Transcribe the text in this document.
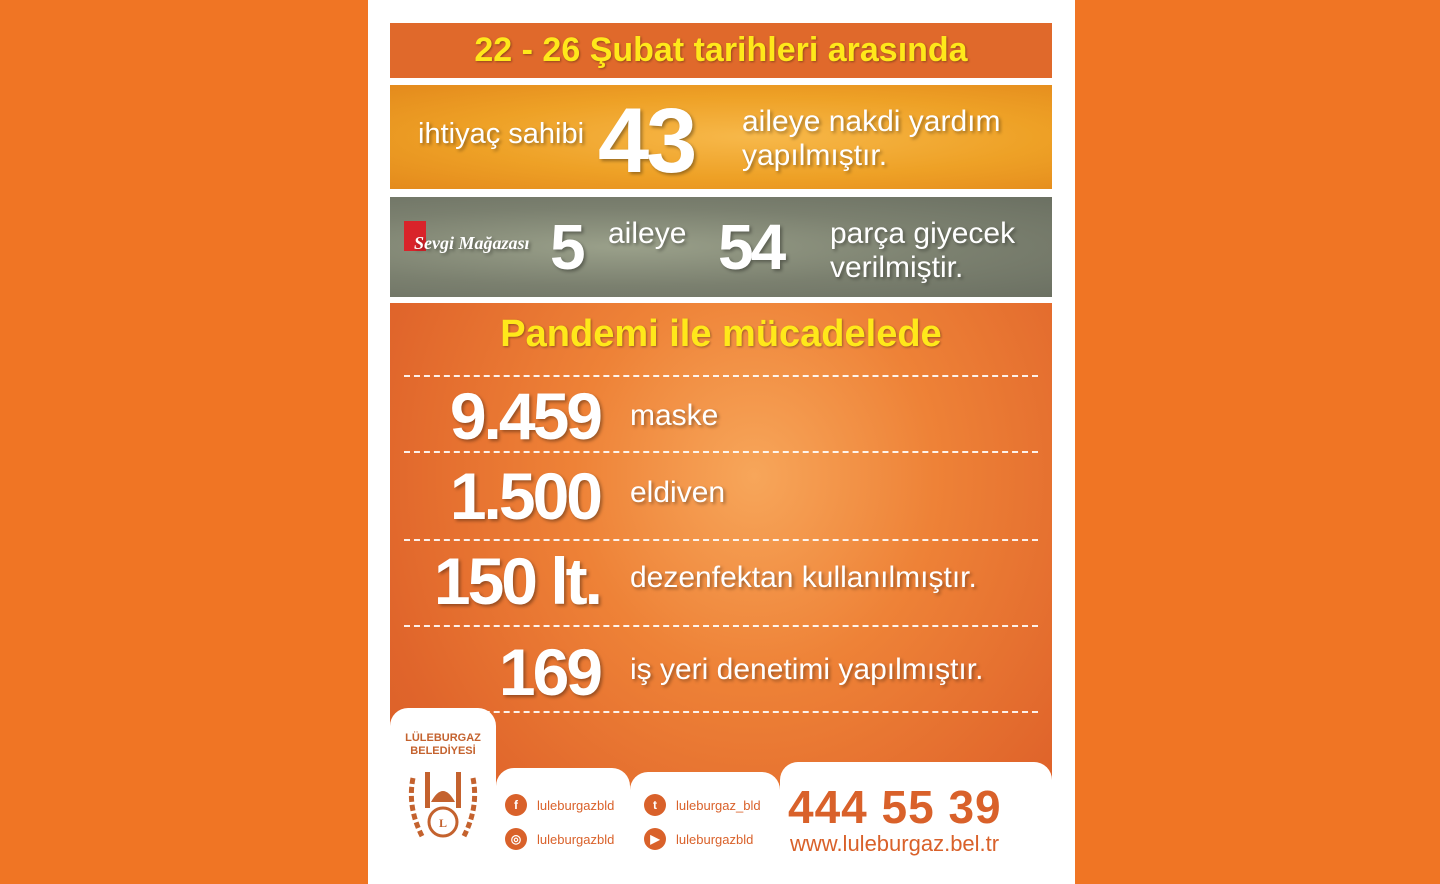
22 - 26 Şubat tarihleri arasında
ihtiyaç sahibi 43 aileye nakdi yardım
yapılmıştır.
Sevgi Mağazası 5 aileye 54 parça giyecek
verilmiştir.
Pandemi ile mücadelede
9.459 maske
1.500 eldiven
150 lt. dezenfektan kullanılmıştır.
169 iş yeri denetimi yapılmıştır.
LÜLEBURGAZ
BELEDİYESİ
L
f	luleburgazbld	t	luleburgaz_bld
◎	luleburgazbld	▶	luleburgazbld
444 55 39
www.luleburgaz.bel.tr
